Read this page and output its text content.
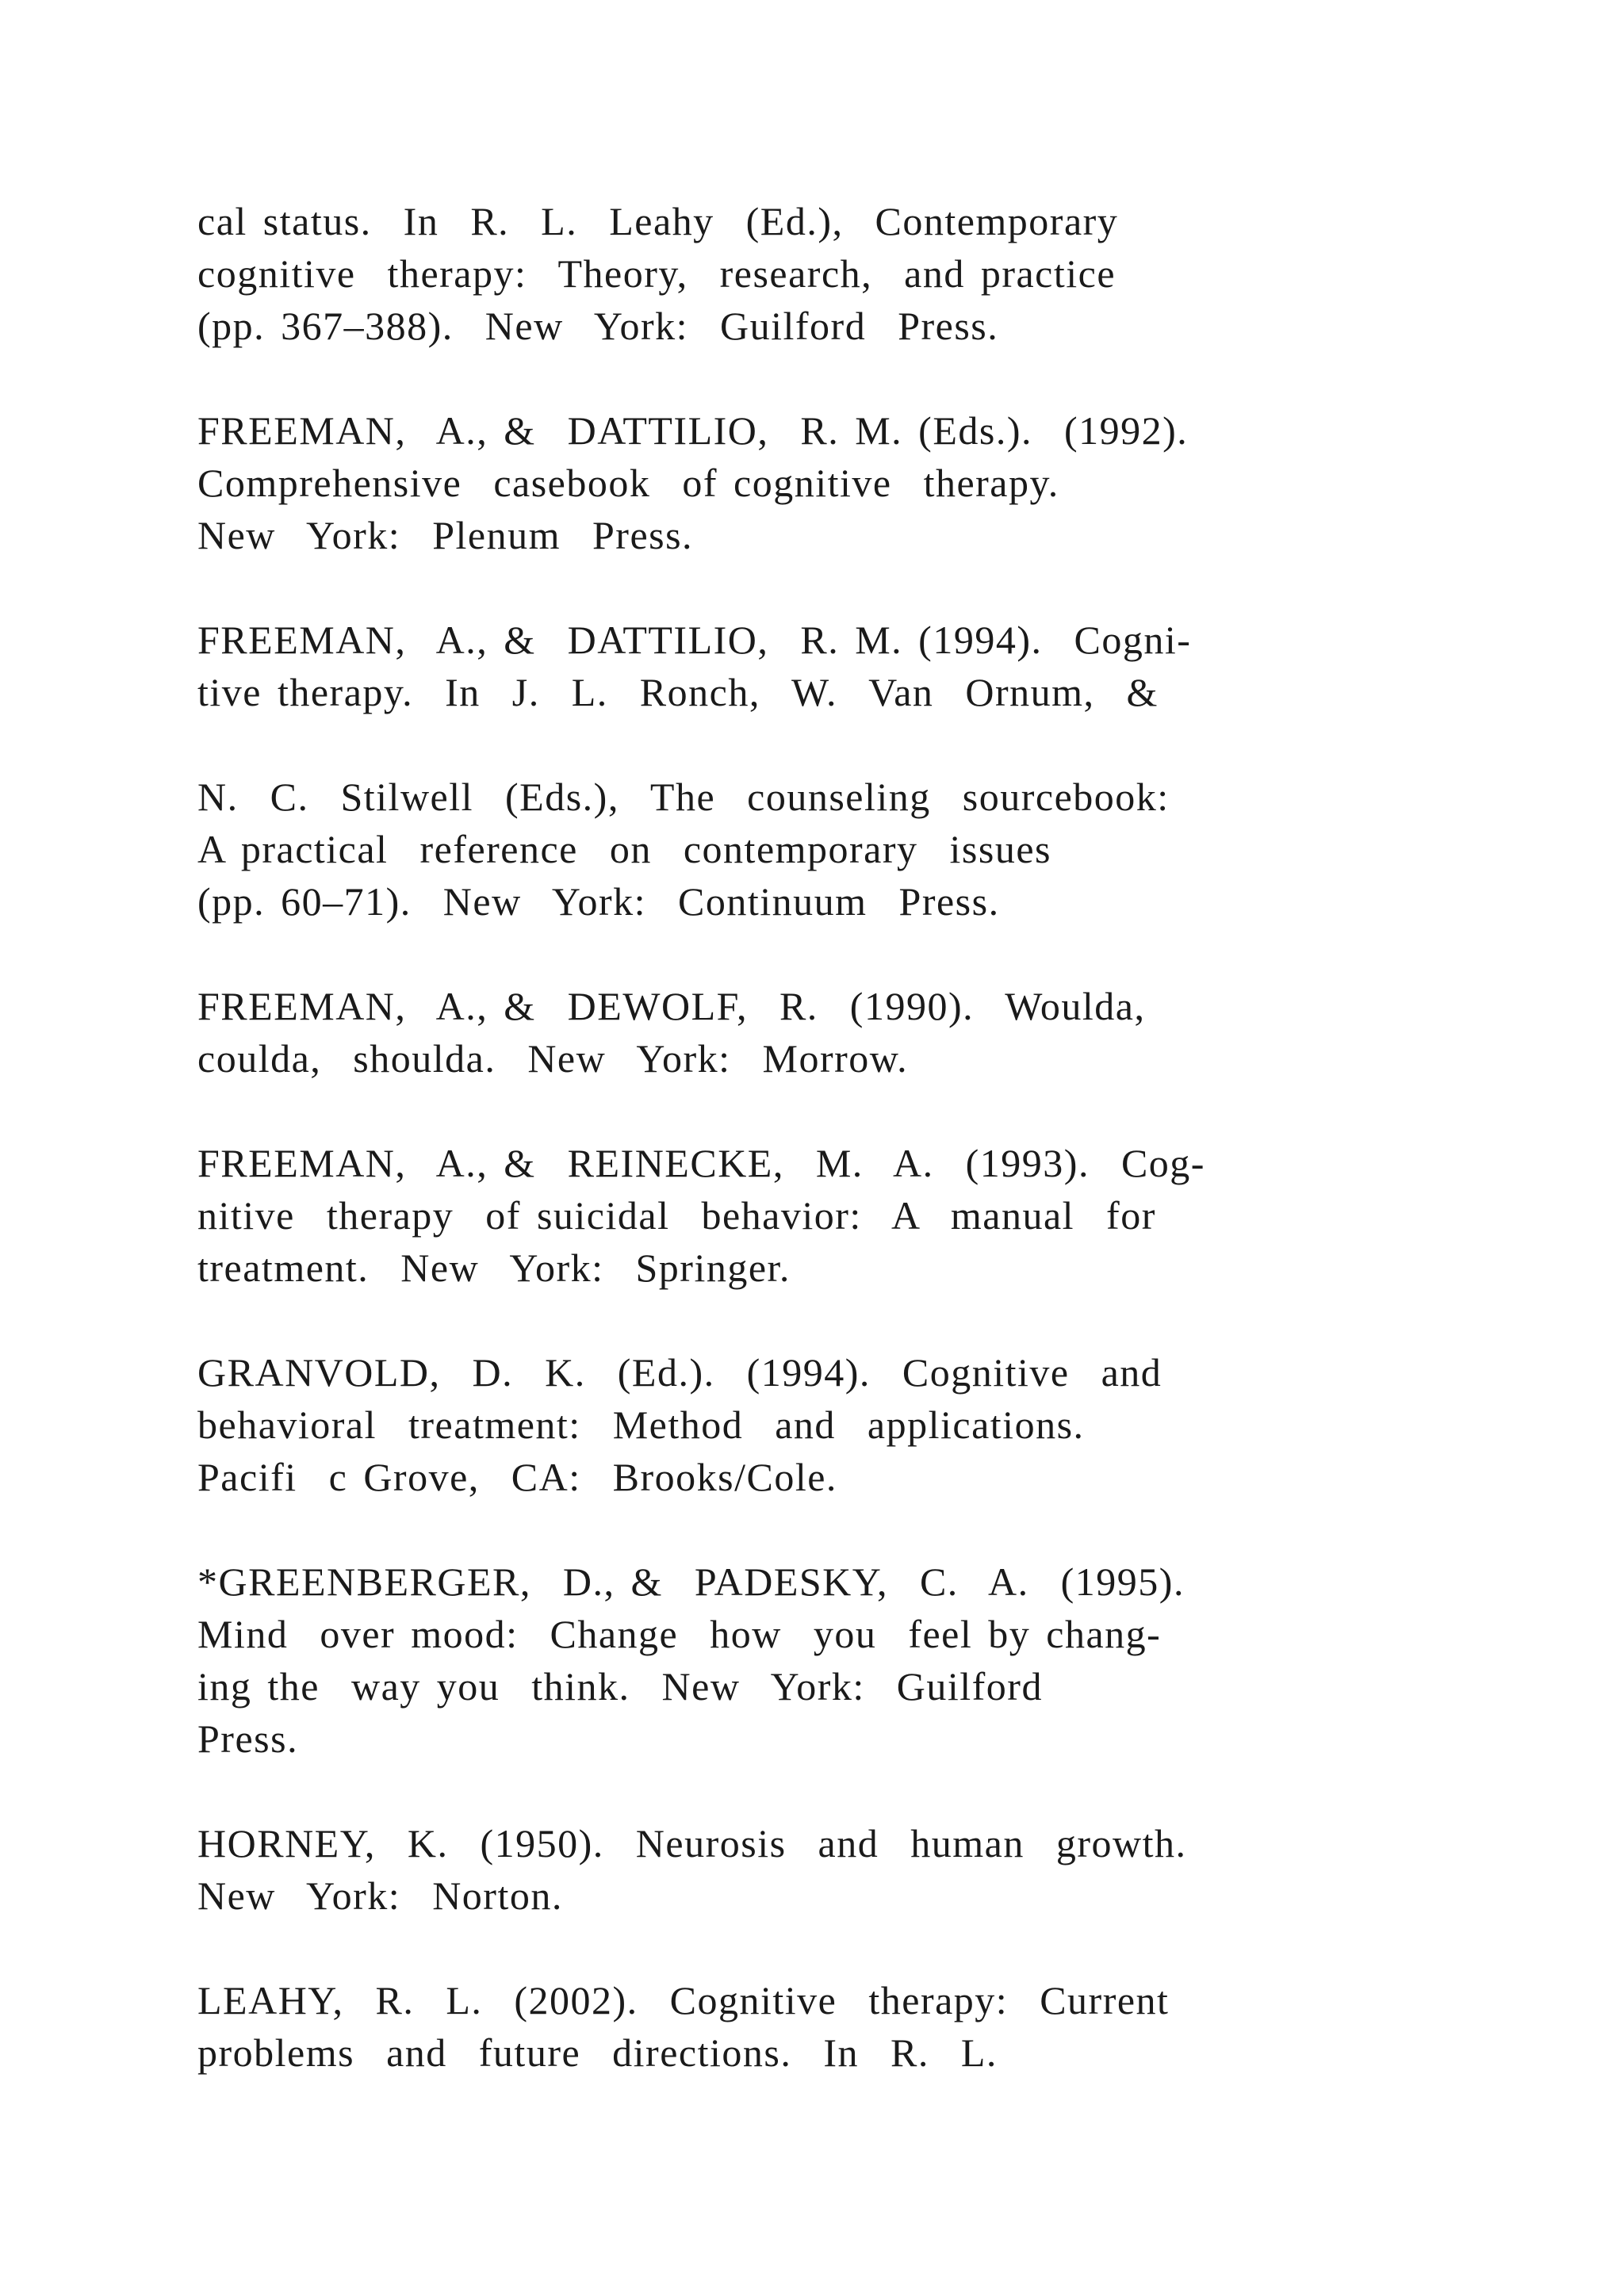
cal status.  In  R.  L.  Leahy  (Ed.),  Contemporary
cognitive  therapy:  Theory,  research,  and practice
(pp. 367–388).  New  York:  Guilford  Press.
FREEMAN,  A., &  DATTILIO,  R. M. (Eds.).  (1992).
Comprehensive  casebook  of cognitive  therapy.
New  York:  Plenum  Press.
FREEMAN,  A., &  DATTILIO,  R. M. (1994).  Cogni-
tive therapy.  In  J.  L.  Ronch,  W.  Van  Ornum,  &
N.  C.  Stilwell  (Eds.),  The  counseling  sourcebook:
A practical  reference  on  contemporary  issues
(pp. 60–71).  New  York:  Continuum  Press.
FREEMAN,  A., &  DEWOLF,  R.  (1990).  Woulda,
coulda,  shoulda.  New  York:  Morrow.
FREEMAN,  A., &  REINECKE,  M.  A.  (1993).  Cog-
nitive  therapy  of suicidal  behavior:  A  manual  for
treatment.  New  York:  Springer.
GRANVOLD,  D.  K.  (Ed.).  (1994).  Cognitive  and
behavioral  treatment:  Method  and  applications.
Pacifi  c Grove,  CA:  Brooks/Cole.
*GREENBERGER,  D., &  PADESKY,  C.  A.  (1995).
Mind  over mood:  Change  how  you  feel by chang-
ing the  way you  think.  New  York:  Guilford
Press.
HORNEY,  K.  (1950).  Neurosis  and  human  growth.
New  York:  Norton.
LEAHY,  R.  L.  (2002).  Cognitive  therapy:  Current
problems  and  future  directions.  In  R.  L.
